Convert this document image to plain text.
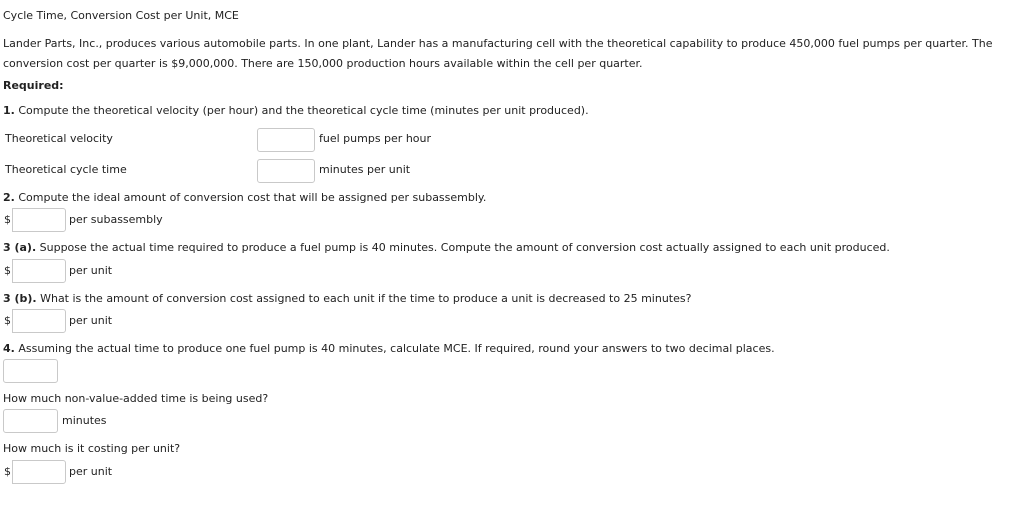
Cycle Time, Conversion Cost per Unit, MCE
Lander Parts, Inc., produces various automobile parts. In one plant, Lander has a manufacturing cell with the theoretical capability to produce 450,000 fuel pumps per quarter. The conversion cost per quarter is $9,000,000. There are 150,000 production hours available within the cell per quarter.
Required:
1. Compute the theoretical velocity (per hour) and the theoretical cycle time (minutes per unit produced).
Theoretical velocity	fuel pumps per hour
Theoretical cycle time	minutes per unit
2. Compute the ideal amount of conversion cost that will be assigned per subassembly.
$	per subassembly
3 (a). Suppose the actual time required to produce a fuel pump is 40 minutes. Compute the amount of conversion cost actually assigned to each unit produced.
$	per unit
3 (b). What is the amount of conversion cost assigned to each unit if the time to produce a unit is decreased to 25 minutes?
$	per unit
4. Assuming the actual time to produce one fuel pump is 40 minutes, calculate MCE. If required, round your answers to two decimal places.
How much non-value-added time is being used?
minutes
How much is it costing per unit?
$	per unit
